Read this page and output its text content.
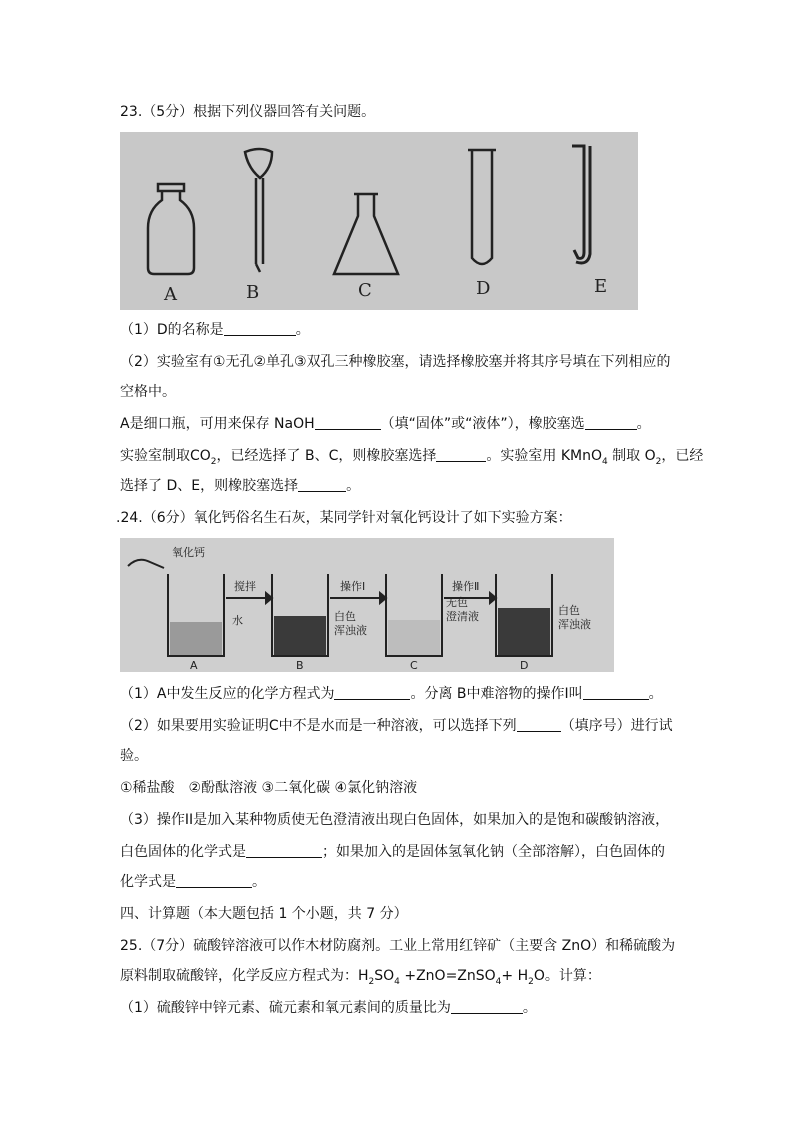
23.（5分）根据下列仪器回答有关问题。
A	B	C	D	E
（1）D的名称是	。
（2）实验室有①无孔②单孔③双孔三种橡胶塞，请选择橡胶塞并将其序号填在下列相应的
空格中。
A是细口瓶，可用来保存 NaOH	（填“固体”或“液体”），橡胶塞选	。
实验室制取$CO_2$，已经选择了 B、C，则橡胶塞选择	。实验室用 KMnO$_4$ 制取 $O_2$，已经
选择了 D、E，则橡胶塞选择	。
.24.（6分）氧化钙俗名生石灰，某同学针对氧化钙设计了如下实验方案：
氧化钙
搅拌	操作Ⅰ	操作Ⅱ
水	白色
浑浊液
无色
澄清液	白色
浑浊液
A	B	C	D
（1）A中发生反应的化学方程式为	。分离 B中难溶物的操作Ⅰ叫	。
（2）如果要用实验证明C中不是水而是一种溶液，可以选择下列	（填序号）进行试
验。
①稀盐酸　②酚酞溶液 ③二氧化碳 ④氯化钠溶液
（3）操作II是加入某种物质使无色澄清液出现白色固体，如果加入的是饱和碳酸钠溶液，
白色固体的化学式是	；如果加入的是固体氢氧化钠（全部溶解），白色固体的
化学式是	。
四、计算题（本大题包括 1 个小题，共 7 分）
25.（7分）硫酸锌溶液可以作木材防腐剂。工业上常用红锌矿（主要含 ZnO）和稀硫酸为
原料制取硫酸锌，化学反应方程式为：$H_2SO_4$ +ZnO=ZnSO$_4$+ $H_2O$。计算：
（1）硫酸锌中锌元素、硫元素和氧元素间的质量比为	。
